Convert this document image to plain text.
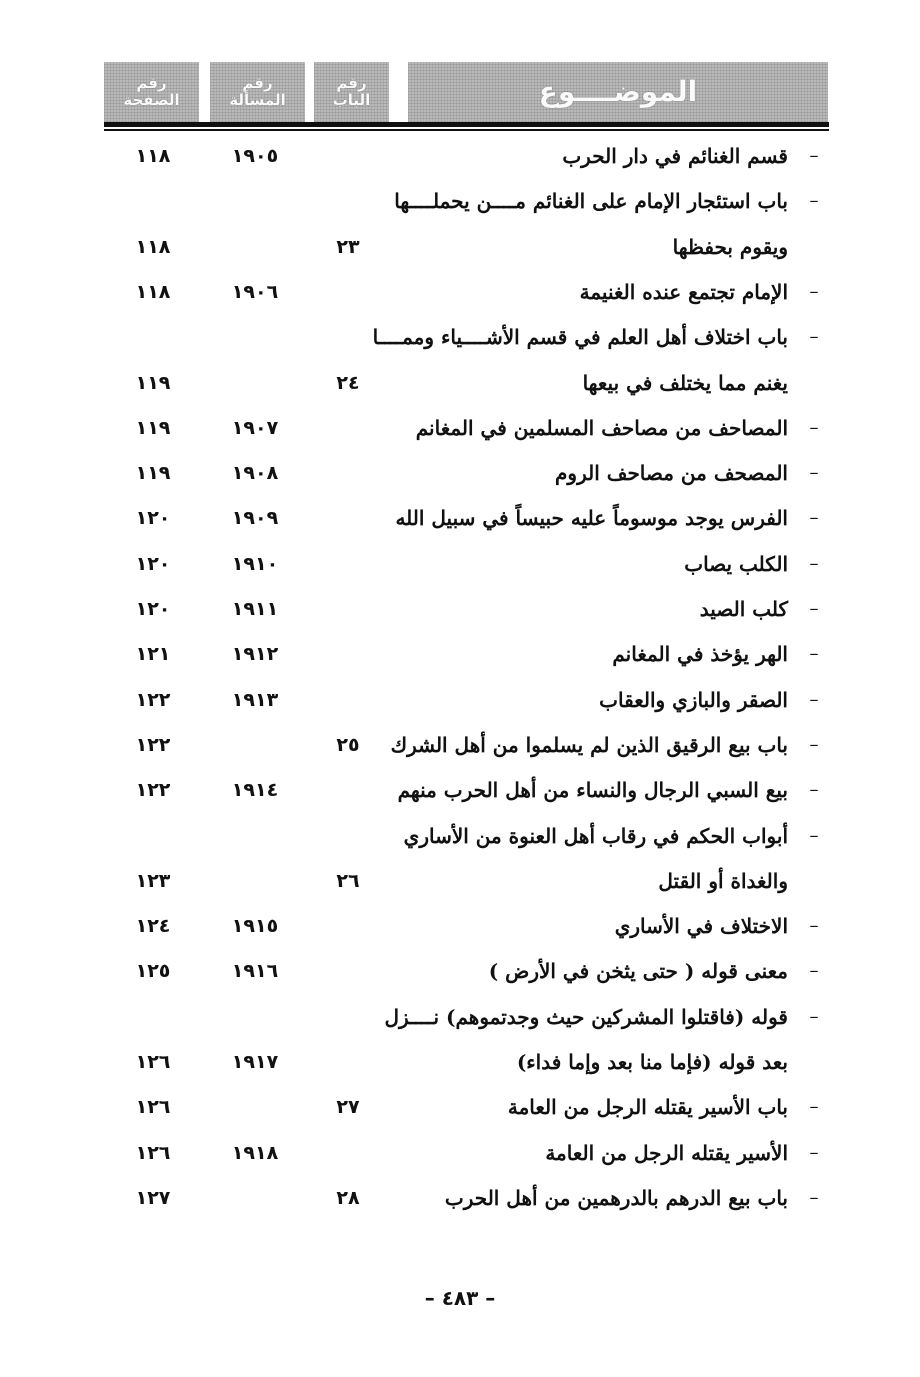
رقم
الصفحة
رقم
المسألة
رقم
الباب	الموضــــوع
–
قسم الغنائم في دار الحرب
١٩٠٥
١١٨
–
باب استئجار الإمام على الغنائم مــــن يحملــــها
ويقوم بحفظها
٢٣
١١٨
–
الإمام تجتمع عنده الغنيمة
١٩٠٦
١١٨
–
باب اختلاف أهل العلم في قسم الأشــــياء وممــــا
يغنم مما يختلف في بيعها
٢٤
١١٩
–
المصاحف من مصاحف المسلمين في المغانم
١٩٠٧
١١٩
–
المصحف من مصاحف الروم
١٩٠٨
١١٩
–
الفرس يوجد موسوماً عليه حبيساً في سبيل الله
١٩٠٩
١٢٠
–
الكلب يصاب
١٩١٠
١٢٠
–
كلب الصيد
١٩١١
١٢٠
–
الهر يؤخذ في المغانم
١٩١٢
١٢١
–
الصقر والبازي والعقاب
١٩١٣
١٢٢
–
باب بيع الرقيق الذين لم يسلموا من أهل الشرك
٢٥
١٢٢
–
بيع السبي الرجال والنساء من أهل الحرب منهم
١٩١٤
١٢٢
–
أبواب الحكم في رقاب أهل العنوة من الأساري
والغداة أو القتل
٢٦
١٢٣
–
الاختلاف في الأساري
١٩١٥
١٢٤
–
معنى قوله ( حتى يثخن في الأرض )
١٩١٦
١٢٥
–
قوله (فاقتلوا المشركين حيث وجدتموهم) نــــزل
بعد قوله (فإما منا بعد وإما فداء)
١٩١٧
١٢٦
–
باب الأسير يقتله الرجل من العامة
٢٧
١٢٦
–
الأسير يقتله الرجل من العامة
١٩١٨
١٢٦
–
باب بيع الدرهم بالدرهمين من أهل الحرب
٢٨
١٢٧
– ٤٨٣ –
